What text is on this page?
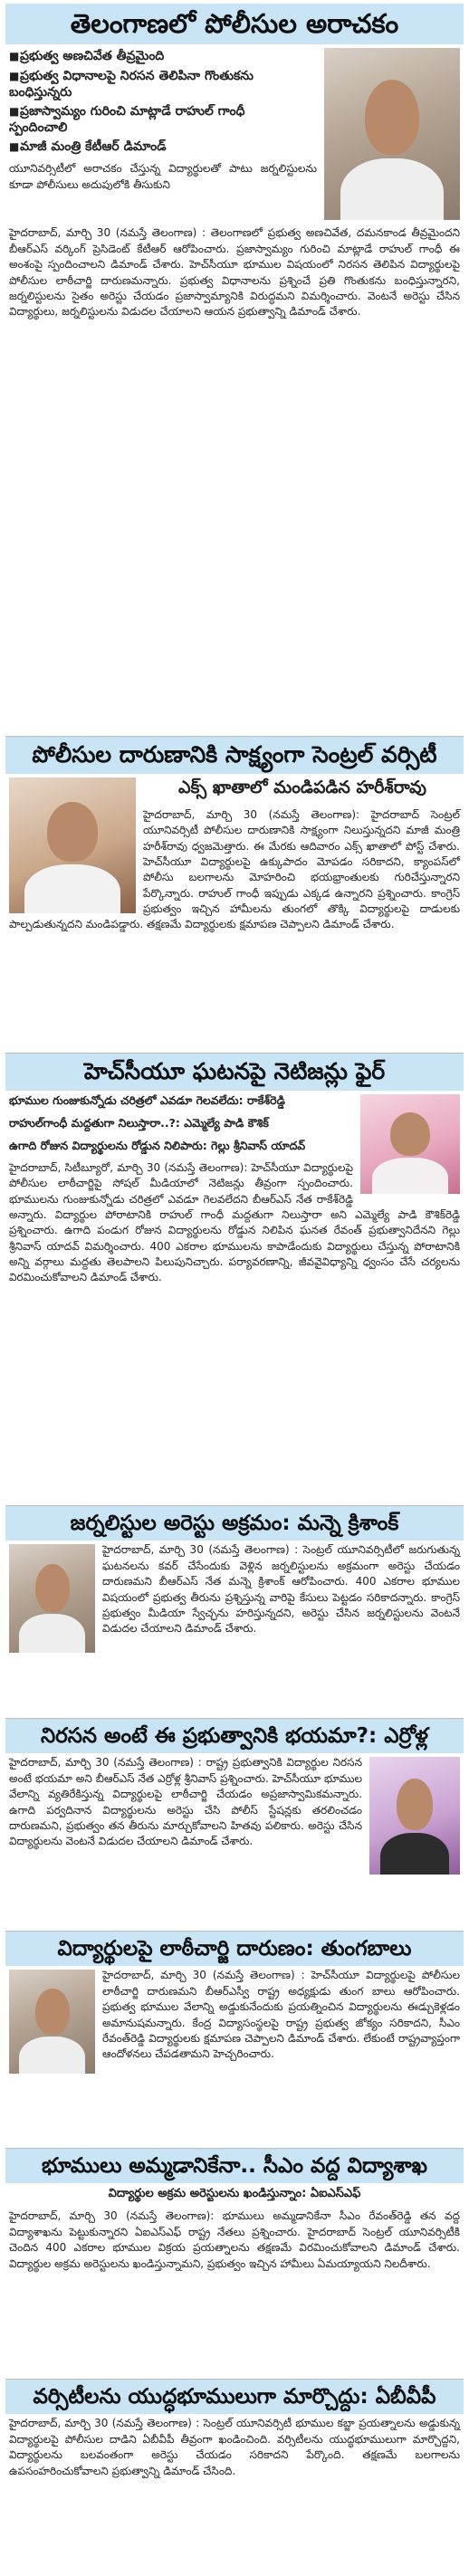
తెలంగాణలో పోలీసుల అరాచకం
■ప్రభుత్వ అణచివేత తీవ్రమైంది
■ప్రభుత్వ విధానాలపై నిరసన తెలిపినా గొంతుకను బంధిస్తున్నరు
■ప్రజాస్వామ్యం గురించి మాట్లాడే రాహుల్ గాంధీ స్పందించాలి
■మాజీ మంత్రి కేటీఆర్ డిమాండ్

యూనివర్సిటీలో అరాచకం చేస్తున్న విద్యార్థులతో పాటు జర్నలిస్టులను కూడా పోలీసులు అదుపులోకి తీసుకుని

హైదరాబాద్, మార్చి 30 (నమస్తే తెలంగాణ) : తెలంగాణలో ప్రభుత్వ అణచివేత, దమనకాండ తీవ్రమైందని బీఆర్ఎస్ వర్కింగ్ ప్రెసిడెంట్ కేటీఆర్ ఆరోపించారు. ప్రజాస్వామ్యం గురించి మాట్లాడే రాహుల్ గాంధీ ఈ అంశంపై స్పందించాలని డిమాండ్ చేశారు. హెచ్‌సీయూ భూముల విషయంలో నిరసన తెలిపిన విద్యార్థులపై పోలీసుల లాఠీచార్జి దారుణమన్నారు. ప్రభుత్వ విధానాలను ప్రశ్నించే ప్రతి గొంతుకను బంధిస్తున్నారని, జర్నలిస్టులను సైతం అరెస్టు చేయడం ప్రజాస్వామ్యానికి విరుద్ధమని విమర్శించారు. వెంటనే అరెస్టు చేసిన విద్యార్థులు, జర్నలిస్టులను విడుదల చేయాలని ఆయన ప్రభుత్వాన్ని డిమాండ్ చేశారు.

పోలీసుల దారుణానికి సాక్ష్యంగా సెంట్రల్ వర్సిటీ
ఎక్స్ ఖాతాలో మండిపడిన హరీశ్‌రావు

హైదరాబాద్, మార్చి 30 (నమస్తే తెలంగాణ): హైదరాబాద్ సెంట్రల్ యూనివర్సిటీ పోలీసుల దారుణానికి సాక్ష్యంగా నిలుస్తున్నదని మాజీ మంత్రి హరీశ్‌రావు ధ్వజమెత్తారు. ఈ మేరకు ఆదివారం ఎక్స్ ఖాతాలో పోస్ట్ చేశారు. హెచ్‌సీయూ విద్యార్థులపై ఉక్కుపాదం మోపడం సరికాదని, క్యాంపస్‌లో పోలీసు బలగాలను మోహరించి భయభ్రాంతులకు గురిచేస్తున్నారని పేర్కొన్నారు. రాహుల్ గాంధీ ఇప్పుడు ఎక్కడ ఉన్నారని ప్రశ్నించారు. కాంగ్రెస్ ప్రభుత్వం ఇచ్చిన హామీలను తుంగలో తొక్కి విద్యార్థులపై దాడులకు పాల్పడుతున్నదని మండిపడ్డారు. తక్షణమే విద్యార్థులకు క్షమాపణ చెప్పాలని డిమాండ్ చేశారు.

హెచ్‌సీయూ ఘటనపై నెటిజన్లు ఫైర్
భూముల గుంజుకున్నోడు చరిత్రలో ఎవడూ గెలవలేదు: రాకేశ్‌రెడ్డి
రాహుల్‌గాంధీ మద్దతుగా నిలుస్తారా..?: ఎమ్మెల్యే పాడి కౌశిక్
ఉగాది రోజున విద్యార్థులను రోడ్డున నిలిపారు: గెల్లు శ్రీనివాస్ యాదవ్

హైదరాబాద్, సిటీబ్యూరో, మార్చి 30 (నమస్తే తెలంగాణ): హెచ్‌సీయూ విద్యార్థులపై పోలీసుల లాఠీచార్జిపై సోషల్ మీడియాలో నెటిజన్లు తీవ్రంగా స్పందించారు. భూములను గుంజుకున్నోడు చరిత్రలో ఎవడూ గెలవలేదని బీఆర్ఎస్ నేత రాకేశ్‌రెడ్డి అన్నారు. విద్యార్థుల పోరాటానికి రాహుల్ గాంధీ మద్దతుగా నిలుస్తారా అని ఎమ్మెల్యే పాడి కౌశిక్‌రెడ్డి ప్రశ్నించారు. ఉగాది పండుగ రోజున విద్యార్థులను రోడ్డున నిలిపిన ఘనత రేవంత్ ప్రభుత్వానిదేనని గెల్లు శ్రీనివాస్ యాదవ్ విమర్శించారు. 400 ఎకరాల భూములను కాపాడేందుకు విద్యార్థులు చేస్తున్న పోరాటానికి అన్ని వర్గాలు మద్దతు తెలపాలని పిలుపునిచ్చారు. పర్యావరణాన్ని, జీవవైవిధ్యాన్ని ధ్వంసం చేసే చర్యలను విరమించుకోవాలని డిమాండ్ చేశారు.

జర్నలిస్టుల అరెస్టు అక్రమం: మన్నె క్రిశాంక్

హైదరాబాద్, మార్చి 30 (నమస్తే తెలంగాణ) : సెంట్రల్ యూనివర్సిటీలో జరుగుతున్న ఘటనలను కవర్ చేసేందుకు వెళ్లిన జర్నలిస్టులను అక్రమంగా అరెస్టు చేయడం దారుణమని బీఆర్ఎస్ నేత మన్నె క్రిశాంక్ ఆరోపించారు. 400 ఎకరాల భూముల విషయంలో ప్రభుత్వ తీరును ప్రశ్నిస్తున్న వారిపై కేసులు పెట్టడం సరికాదన్నారు. కాంగ్రెస్ ప్రభుత్వం మీడియా స్వేచ్ఛను హరిస్తున్నదని, అరెస్టు చేసిన జర్నలిస్టులను వెంటనే విడుదల చేయాలని డిమాండ్ చేశారు.

నిరసన అంటే ఈ ప్రభుత్వానికి భయమా?: ఎర్రోళ్ల

హైదరాబాద్, మార్చి 30 (నమస్తే తెలంగాణ) : రాష్ట్ర ప్రభుత్వానికి విద్యార్థుల నిరసన అంటే భయమా అని బీఆర్ఎస్ నేత ఎర్రోళ్ల శ్రీనివాస్ ప్రశ్నించారు. హెచ్‌సీయూ భూముల వేలాన్ని వ్యతిరేకిస్తున్న విద్యార్థులపై లాఠీచార్జి చేయడం అప్రజాస్వామికమన్నారు. ఉగాది పర్వదినాన విద్యార్థులను అరెస్టు చేసి పోలీస్ స్టేషన్లకు తరలించడం దారుణమని, ప్రభుత్వం తన తీరును మార్చుకోవాలని హితవు పలికారు. అరెస్టు చేసిన విద్యార్థులను వెంటనే విడుదల చేయాలని డిమాండ్ చేశారు.

విద్యార్థులపై లాఠీచార్జి దారుణం: తుంగబాలు

హైదరాబాద్, మార్చి 30 (నమస్తే తెలంగాణ) : హెచ్‌సీయూ విద్యార్థులపై పోలీసుల లాఠీచార్జి దారుణమని బీఆర్ఎస్వీ రాష్ట్ర అధ్యక్షుడు తుంగ బాలు ఆరోపించారు. ప్రభుత్వ భూముల వేలాన్ని అడ్డుకునేందుకు ప్రయత్నించిన విద్యార్థులను ఈడ్చుకెళ్లడం అమానుషమన్నారు. కేంద్ర విద్యాసంస్థలపై రాష్ట్ర ప్రభుత్వ జోక్యం సరికాదని, సీఎం రేవంత్‌రెడ్డి విద్యార్థులకు క్షమాపణ చెప్పాలని డిమాండ్ చేశారు. లేకుంటే రాష్ట్రవ్యాప్తంగా ఆందోళనలు చేపడతామని హెచ్చరించారు.

భూములు అమ్మడానికేనా.. సీఎం వద్ద విద్యాశాఖ
విద్యార్థుల అక్రమ అరెస్టులను ఖండిస్తున్నాం: ఏఐఎస్ఎఫ్

హైదరాబాద్, మార్చి 30 (నమస్తే తెలంగాణ): భూములు అమ్మడానికేనా సీఎం రేవంత్‌రెడ్డి తన వద్ద విద్యాశాఖను పెట్టుకున్నారని ఏఐఎస్ఎఫ్ రాష్ట్ర నేతలు ప్రశ్నించారు. హైదరాబాద్ సెంట్రల్ యూనివర్సిటీకి చెందిన 400 ఎకరాల భూముల విక్రయ ప్రయత్నాలను తక్షణమే విరమించుకోవాలని డిమాండ్ చేశారు. విద్యార్థుల అక్రమ అరెస్టులను ఖండిస్తున్నామని, ప్రభుత్వం ఇచ్చిన హామీలు ఏమయ్యాయని నిలదీశారు.

వర్సిటీలను యుద్ధభూములుగా మార్చొద్దు: ఏబీవీపీ

హైదరాబాద్, మార్చి 30 (నమస్తే తెలంగాణ) : సెంట్రల్ యూనివర్సిటీ భూముల కబ్జా ప్రయత్నాలను అడ్డుకున్న విద్యార్థులపై పోలీసుల దాడిని ఏబీవీపీ తీవ్రంగా ఖండించింది. వర్సిటీలను యుద్ధభూములుగా మార్చొద్దని, విద్యార్థులను బలవంతంగా అరెస్టు చేయడం సరికాదని పేర్కొంది. తక్షణమే బలగాలను ఉపసంహరించుకోవాలని ప్రభుత్వాన్ని డిమాండ్ చేసింది.
